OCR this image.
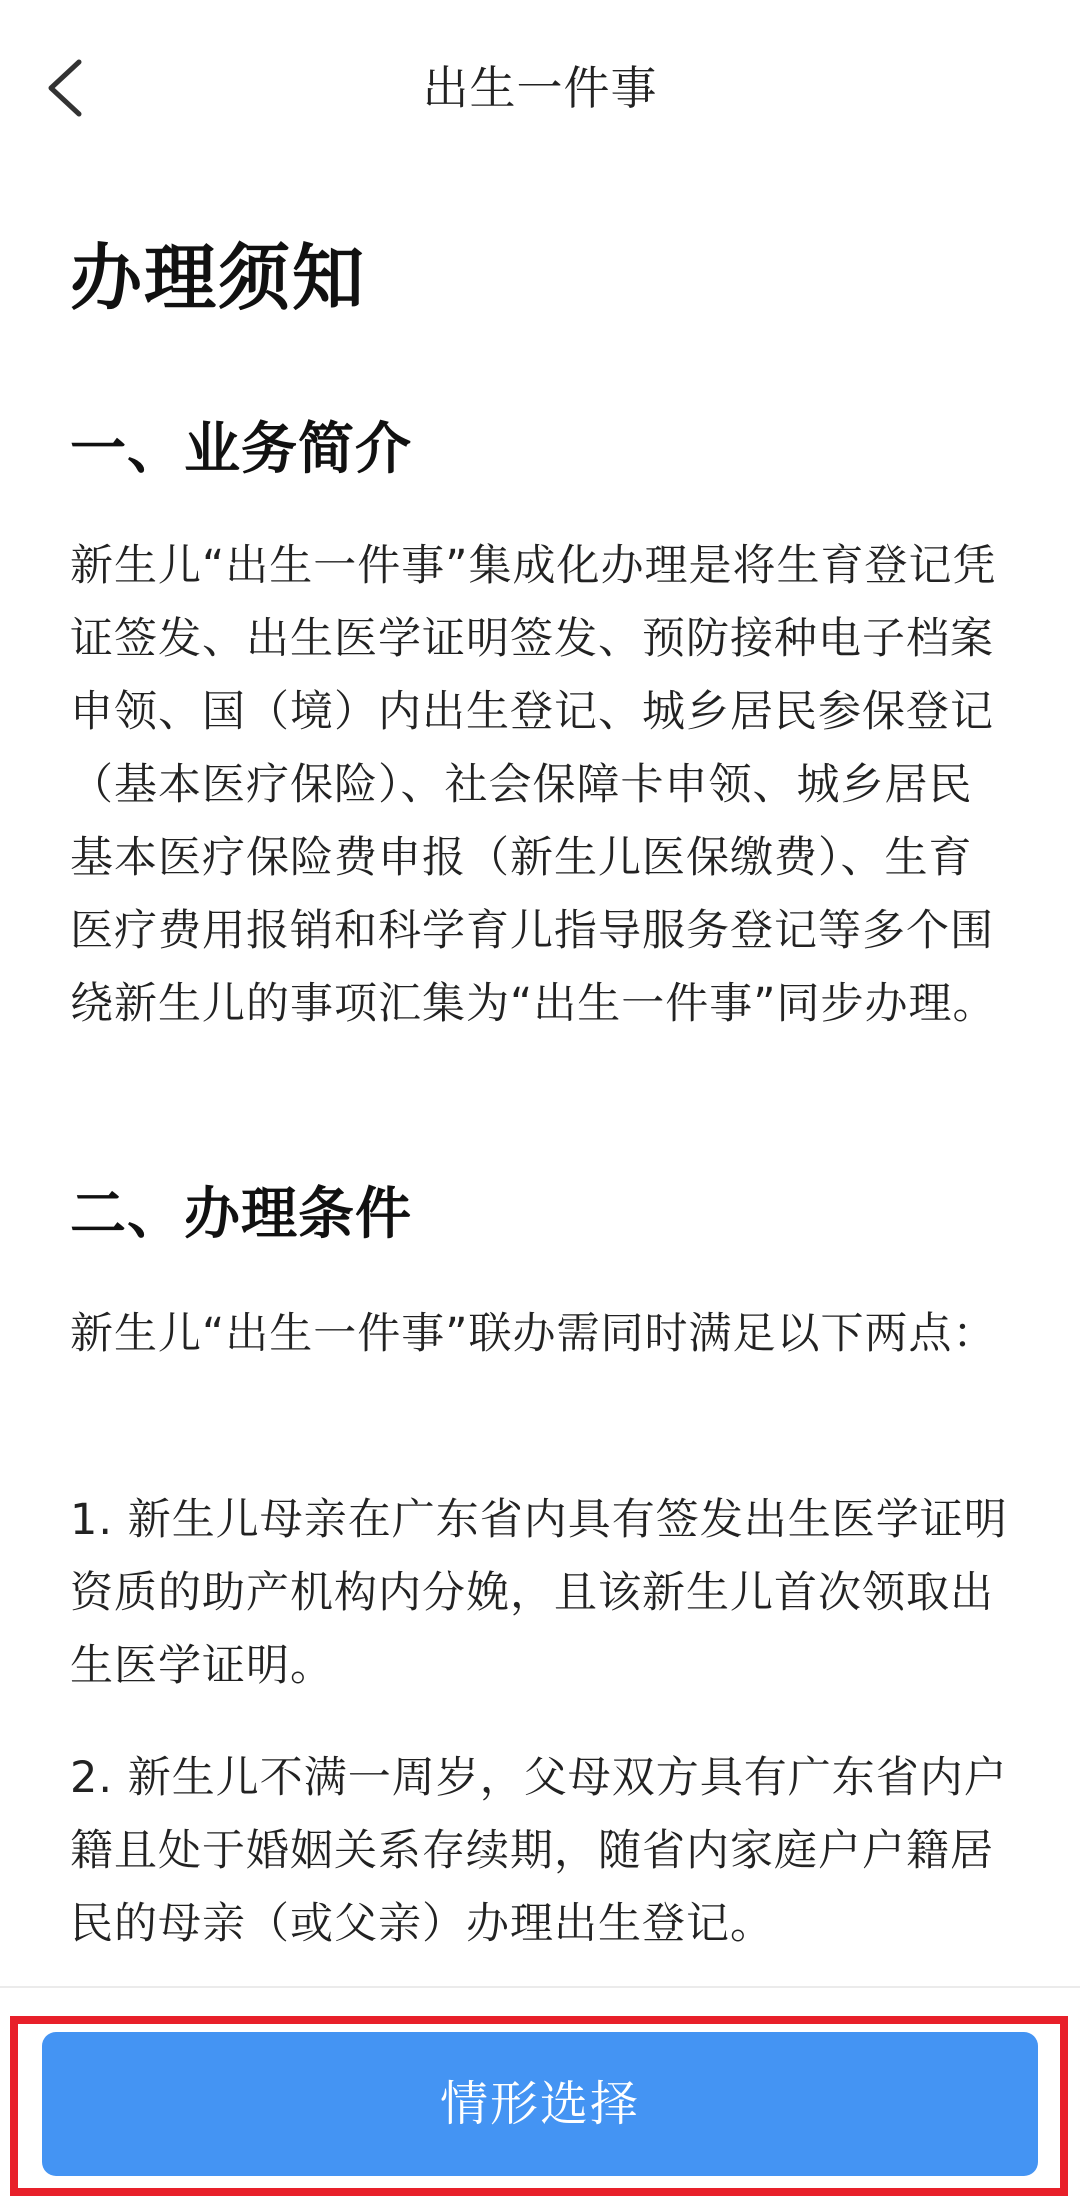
出生一件事
办理须知
一、业务简介
新生儿“出生一件事”集成化办理是将生育登记凭证签发、出生医学证明签发、预防接种电子档案申领、国（境）内出生登记、城乡居民参保登记（基本医疗保险）、社会保障卡申领、城乡居民基本医疗保险费申报（新生儿医保缴费）、生育医疗费用报销和科学育儿指导服务登记等多个围绕新生儿的事项汇集为“出生一件事”同步办理。
二、办理条件
新生儿“出生一件事”联办需同时满足以下两点：
1. 新生儿母亲在广东省内具有签发出生医学证明资质的助产机构内分娩，且该新生儿首次领取出生医学证明。
2. 新生儿不满一周岁，父母双方具有广东省内户籍且处于婚姻关系存续期，随省内家庭户户籍居民的母亲（或父亲）办理出生登记。
情形选择
